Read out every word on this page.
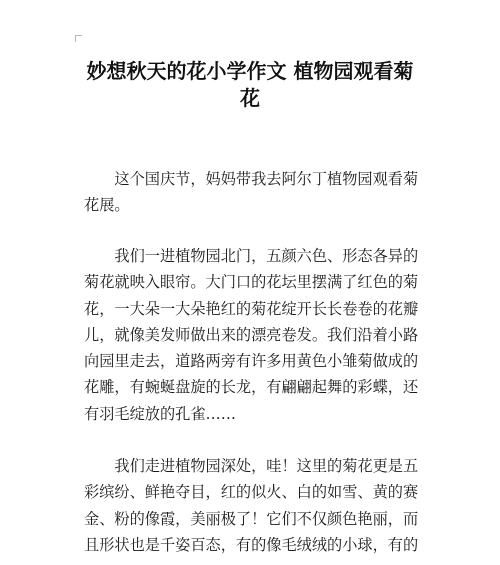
妙想秋天的花小学作文 植物园观看菊
花
　　这个国庆节，妈妈带我去阿尔丁植物园观看菊
花展。
　　我们一进植物园北门，五颜六色、形态各异的
菊花就映入眼帘。大门口的花坛里摆满了红色的菊
花，一大朵一大朵艳红的菊花绽开长长卷卷的花瓣
儿，就像美发师做出来的漂亮卷发。我们沿着小路
向园里走去，道路两旁有许多用黄色小雏菊做成的
花雕，有蜿蜒盘旋的长龙，有翩翩起舞的彩蝶，还
有羽毛绽放的孔雀……
　　我们走进植物园深处，哇！这里的菊花更是五
彩缤纷、鲜艳夺目，红的似火、白的如雪、黄的赛
金、粉的像霞，美丽极了！它们不仅颜色艳丽，而
且形状也是千姿百态，有的像毛绒绒的小球，有的
